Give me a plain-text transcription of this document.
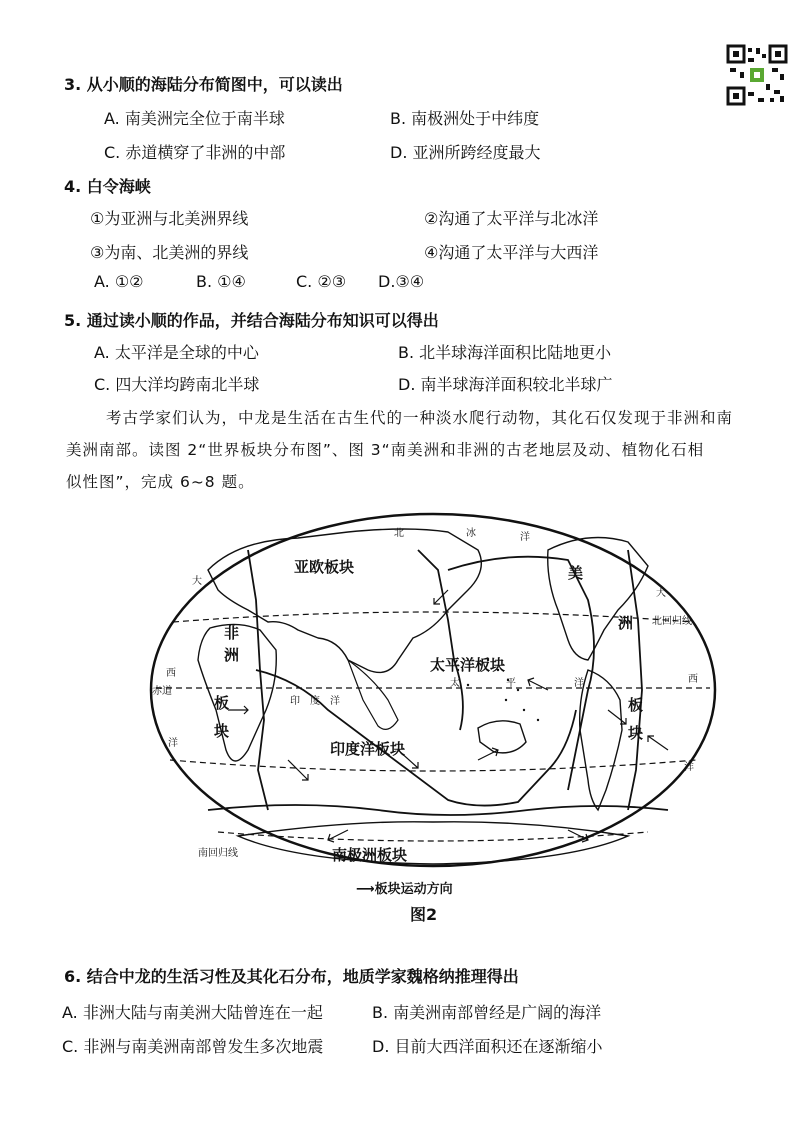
3. 从小顺的海陆分布简图中，可以读出
A. 南美洲完全位于南半球	B. 南极洲处于中纬度
C. 赤道横穿了非洲的中部	D. 亚洲所跨经度最大
4. 白令海峡
①为亚洲与北美洲界线	②沟通了太平洋与北冰洋
③为南、北美洲的界线	④沟通了太平洋与大西洋
A. ①②	B. ①④	C. ②③ D.③④
5. 通过读小顺的作品，并结合海陆分布知识可以得出
A. 太平洋是全球的中心	B. 北半球海洋面积比陆地更小
C. 四大洋均跨南北半球	D. 南半球海洋面积较北半球广
考古学家们认为，中龙是生活在古生代的一种淡水爬行动物，其化石仅发现于非洲和南
美洲南部。读图 2“世界板块分布图”、图 3“南美洲和非洲的古老地层及动、植物化石相
似性图”，完成 6~8 题。
亚欧板块
非
洲
板
块
太平洋板块
印度洋板块
南极洲板块
美
洲
板
块
北	冰	洋
印 度 洋
太	平	洋
赤道
北回归线
南回归线
大
西
洋
大
西
洋
⟶板块运动方向
图2
6. 结合中龙的生活习性及其化石分布，地质学家魏格纳推理得出
A. 非洲大陆与南美洲大陆曾连在一起	B. 南美洲南部曾经是广阔的海洋
C. 非洲与南美洲南部曾发生多次地震	D. 目前大西洋面积还在逐渐缩小
